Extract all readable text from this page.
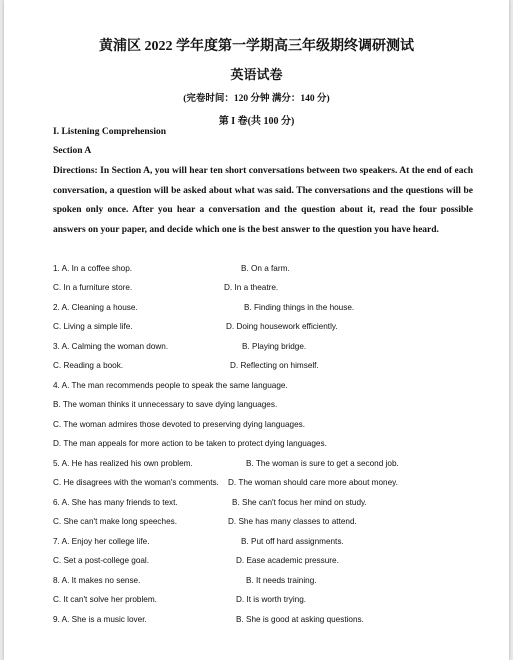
黄浦区 2022 学年度第一学期高三年级期终调研测试
英语试卷
(完卷时间：120 分钟 满分：140 分)
第 I 卷(共 100 分)
I. Listening Comprehension
Section A
Directions: In Section A, you will hear ten short conversations between two speakers. At the end of each conversation, a question will be asked about what was said. The conversations and the questions will be spoken only once. After you hear a conversation and the question about it, read the four possible answers on your paper, and decide which one is the best answer to the question you have heard.
1. A. In a coffee shop.	B. On a farm.
C. In a furniture store.	D. In a theatre.
2. A. Cleaning a house.	B. Finding things in the house.
C. Living a simple life.	D. Doing housework efficiently.
3. A. Calming the woman down.	B. Playing bridge.
C. Reading a book.	D. Reflecting on himself.
4. A. The man recommends people to speak the same language.
B. The woman thinks it unnecessary to save dying languages.
C. The woman admires those devoted to preserving dying languages.
D. The man appeals for more action to be taken to protect dying languages.
5. A. He has realized his own problem.	B. The woman is sure to get a second job.
C. He disagrees with the woman's comments. D. The woman should care more about money.
6. A. She has many friends to text.	B. She can't focus her mind on study.
C. She can't make long speeches.	D. She has many classes to attend.
7. A. Enjoy her college life.	B. Put off hard assignments.
C. Set a post-college goal.	D. Ease academic pressure.
8. A. It makes no sense.	B. It needs training.
C. It can't solve her problem.	D. It is worth trying.
9. A. She is a music lover.	B. She is good at asking questions.
